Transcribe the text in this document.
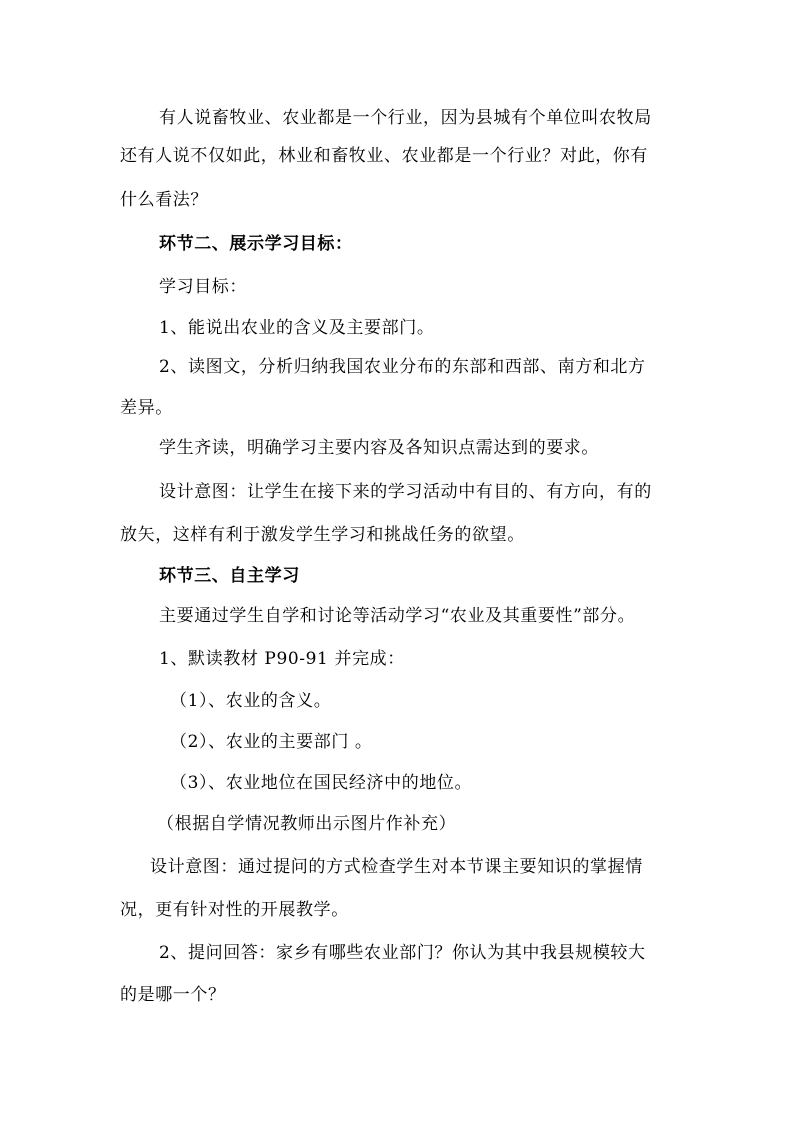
有人说畜牧业、农业都是一个行业，因为县城有个单位叫农牧局
还有人说不仅如此，林业和畜牧业、农业都是一个行业？对此，你有
什么看法？
环节二、展示学习目标：
学习目标：
1、能说出农业的含义及主要部门。
2、读图文，分析归纳我国农业分布的东部和西部、南方和北方
差异。
学生齐读，明确学习主要内容及各知识点需达到的要求。
设计意图：让学生在接下来的学习活动中有目的、有方向，有的
放矢，这样有利于激发学生学习和挑战任务的欲望。
环节三、自主学习
主要通过学生自学和讨论等活动学习“农业及其重要性”部分。
1、默读教材 P90-91 并完成：
（1）、农业的含义。
（2）、农业的主要部门 。
（3）、农业地位在国民经济中的地位。
（根据自学情况教师出示图片作补充）
设计意图：通过提问的方式检查学生对本节课主要知识的掌握情
况，更有针对性的开展教学。
2、提问回答：家乡有哪些农业部门？你认为其中我县规模较大
的是哪一个？
